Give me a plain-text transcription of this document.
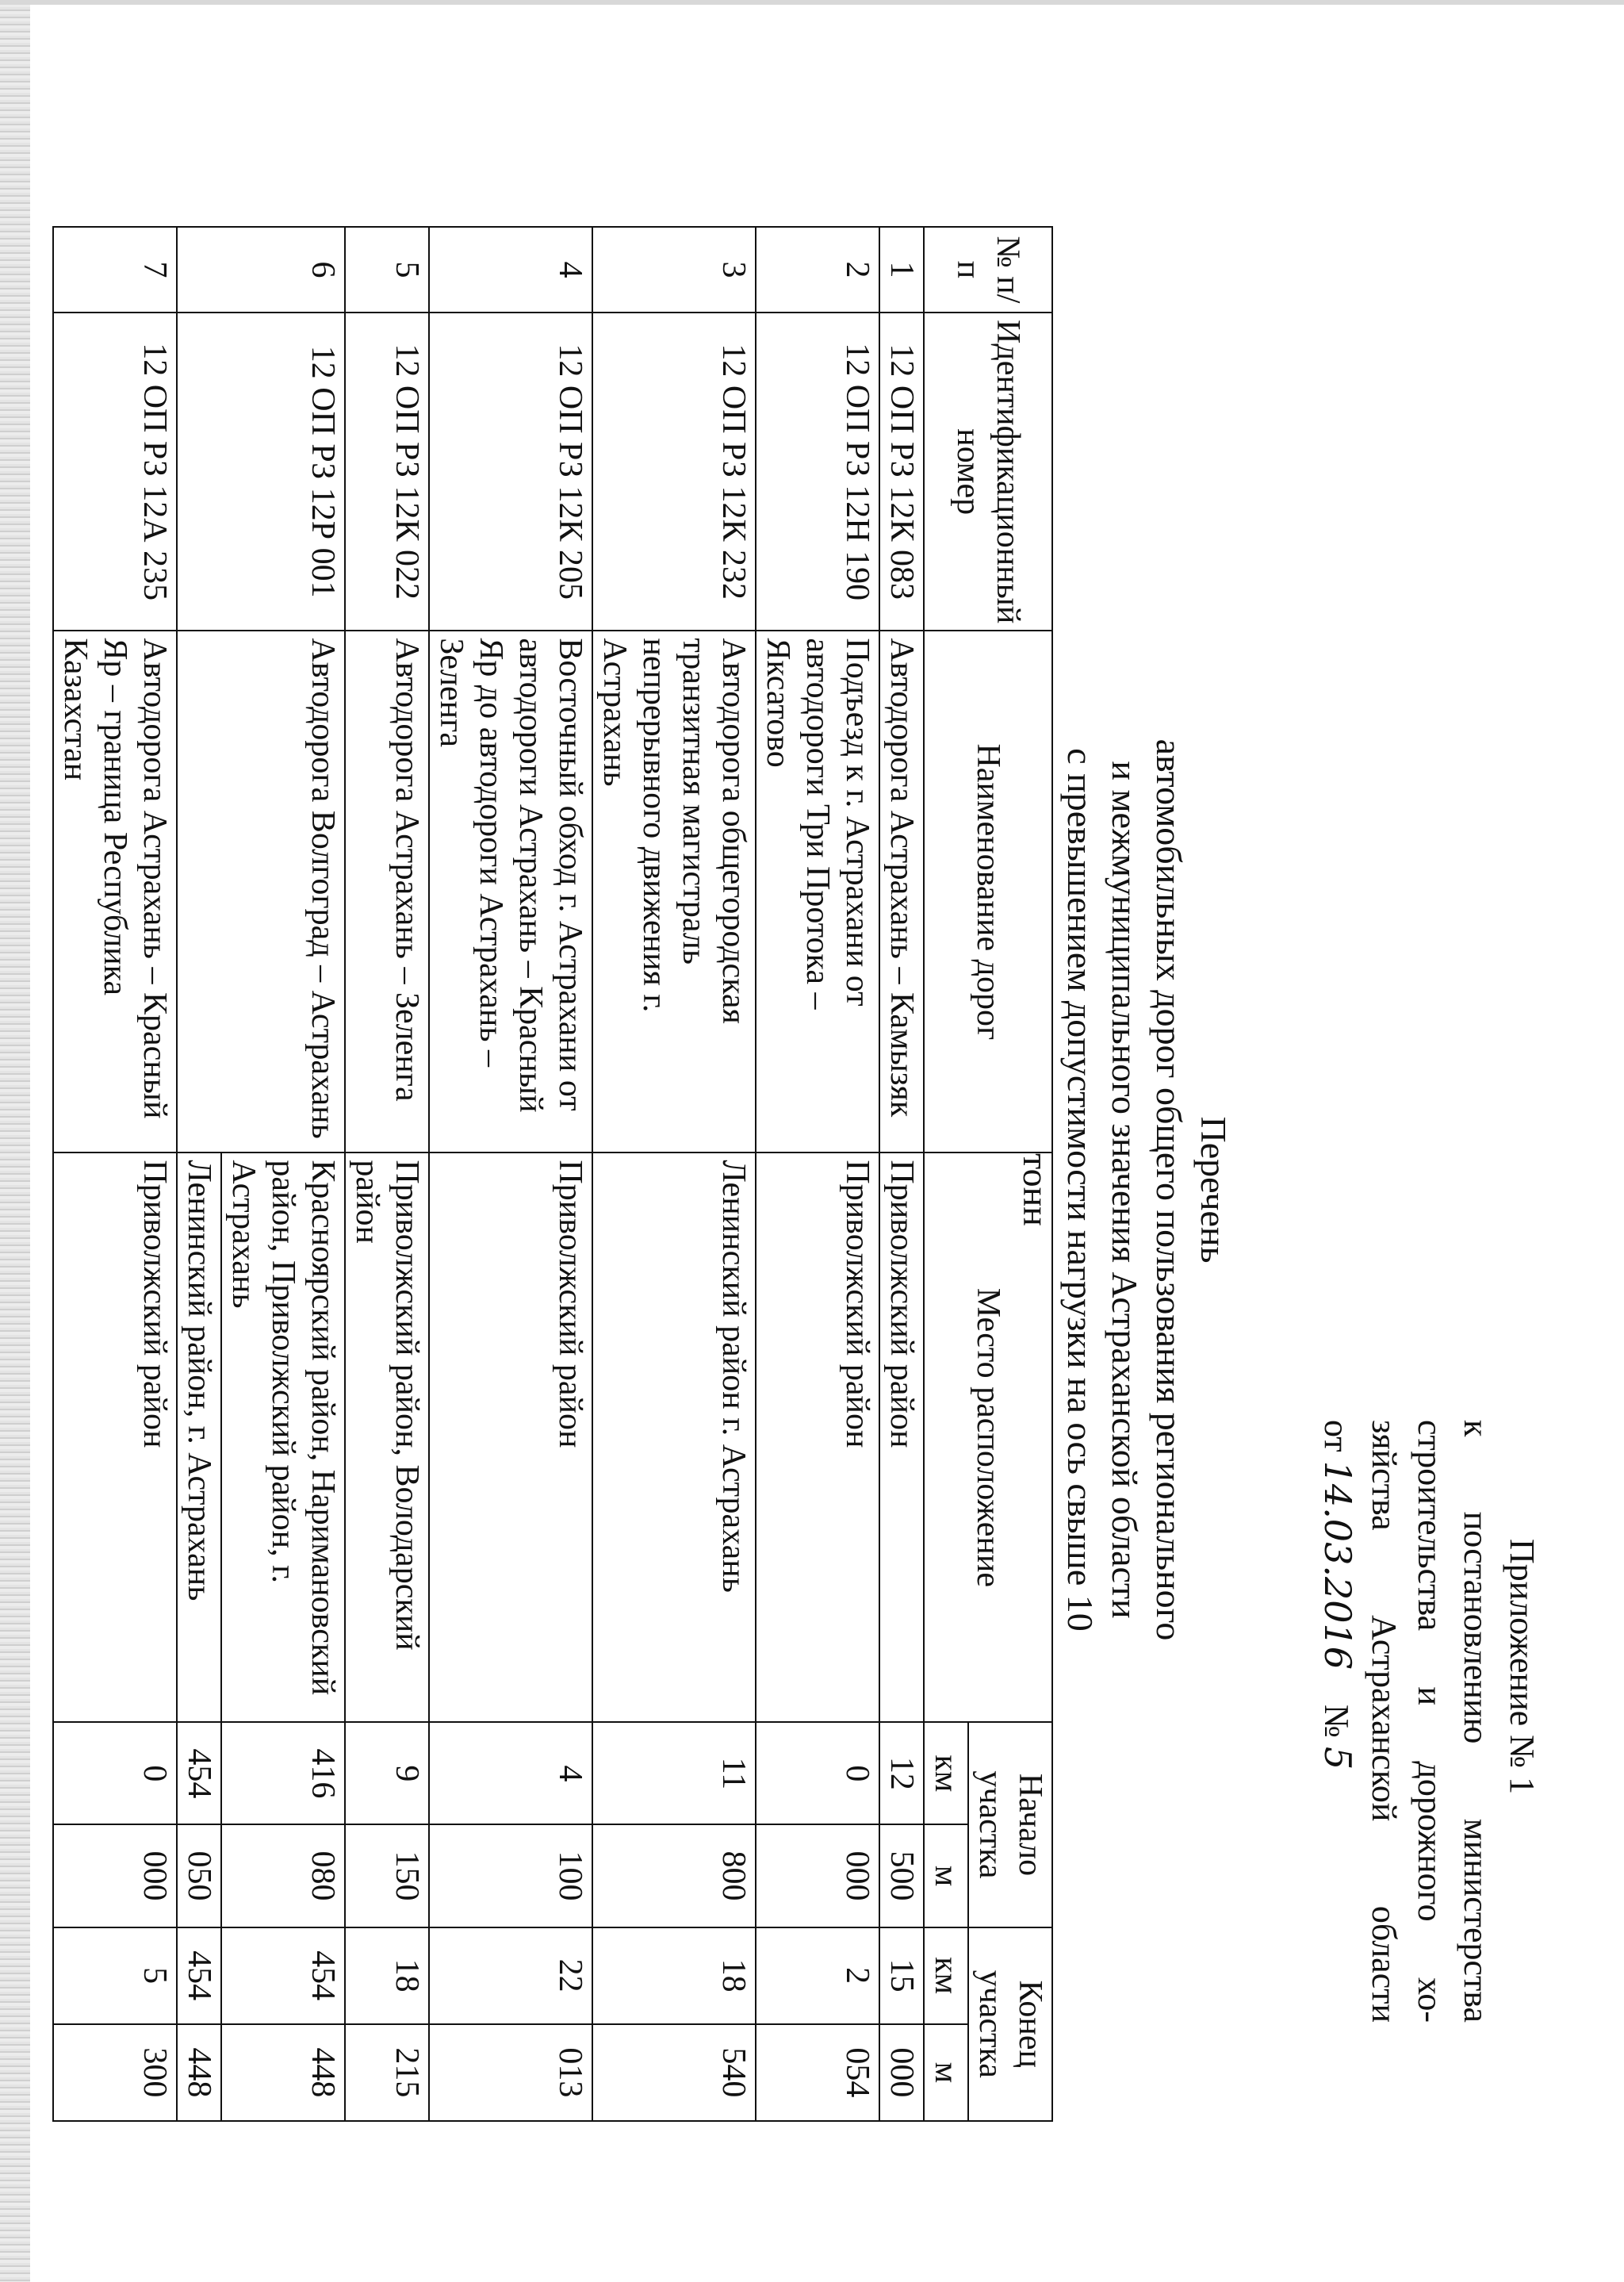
Приложение № 1
к постановлению министерства
строительства и дорожного хо-
зяйства Астраханской области
от 14.03.2016    № 5
Перечень
автомобильных дорог общего пользования регионального
и межмуниципального значения Астраханской области
с превышением допустимости нагрузки на ось свыше 10 тонн
№ п/п	Идентификационный номер	Наименование дорог	Место расположение	Начало участка		Конец участка	
				км	м	км	м
1	12 ОП РЗ 12К 083	Автодорога Астрахань – Камызяк	Приволжский район	12	500	15	000
2	12 ОП РЗ 12Н 190	Подъезд к г. Астрахани от автодороги Три Протока – Яксатово	Приволжский район	0	000	2	054
3	12 ОП РЗ 12К 232	Автодорога общегородская транзитная магистраль непрерывного движения г. Астрахань	Ленинский район г. Астрахань	11	800	18	540
4	12 ОП РЗ 12К 205	Восточный обход г. Астрахани от автодороги Астрахань – Красный Яр до автодороги Астрахань – Зеленга	Приволжский район	4	100	22	013
5	12 ОП РЗ 12К 022	Автодорога Астрахань – Зеленга	Приволжский район, Володарский район	9	150	18	215
6	12 ОП РЗ 12Р 001	Автодорога Волгоград – Астрахань	Красноярский район, Наримановский район, Приволжский район, г. Астрахань	416	080	454	448
			Ленинский район, г. Астрахань	454	050	454	448
7	12 ОП РЗ 12А 235	Автодорога Астрахань – Красный Яр – граница Республика Казахстан	Приволжский район	0	000	5	300
